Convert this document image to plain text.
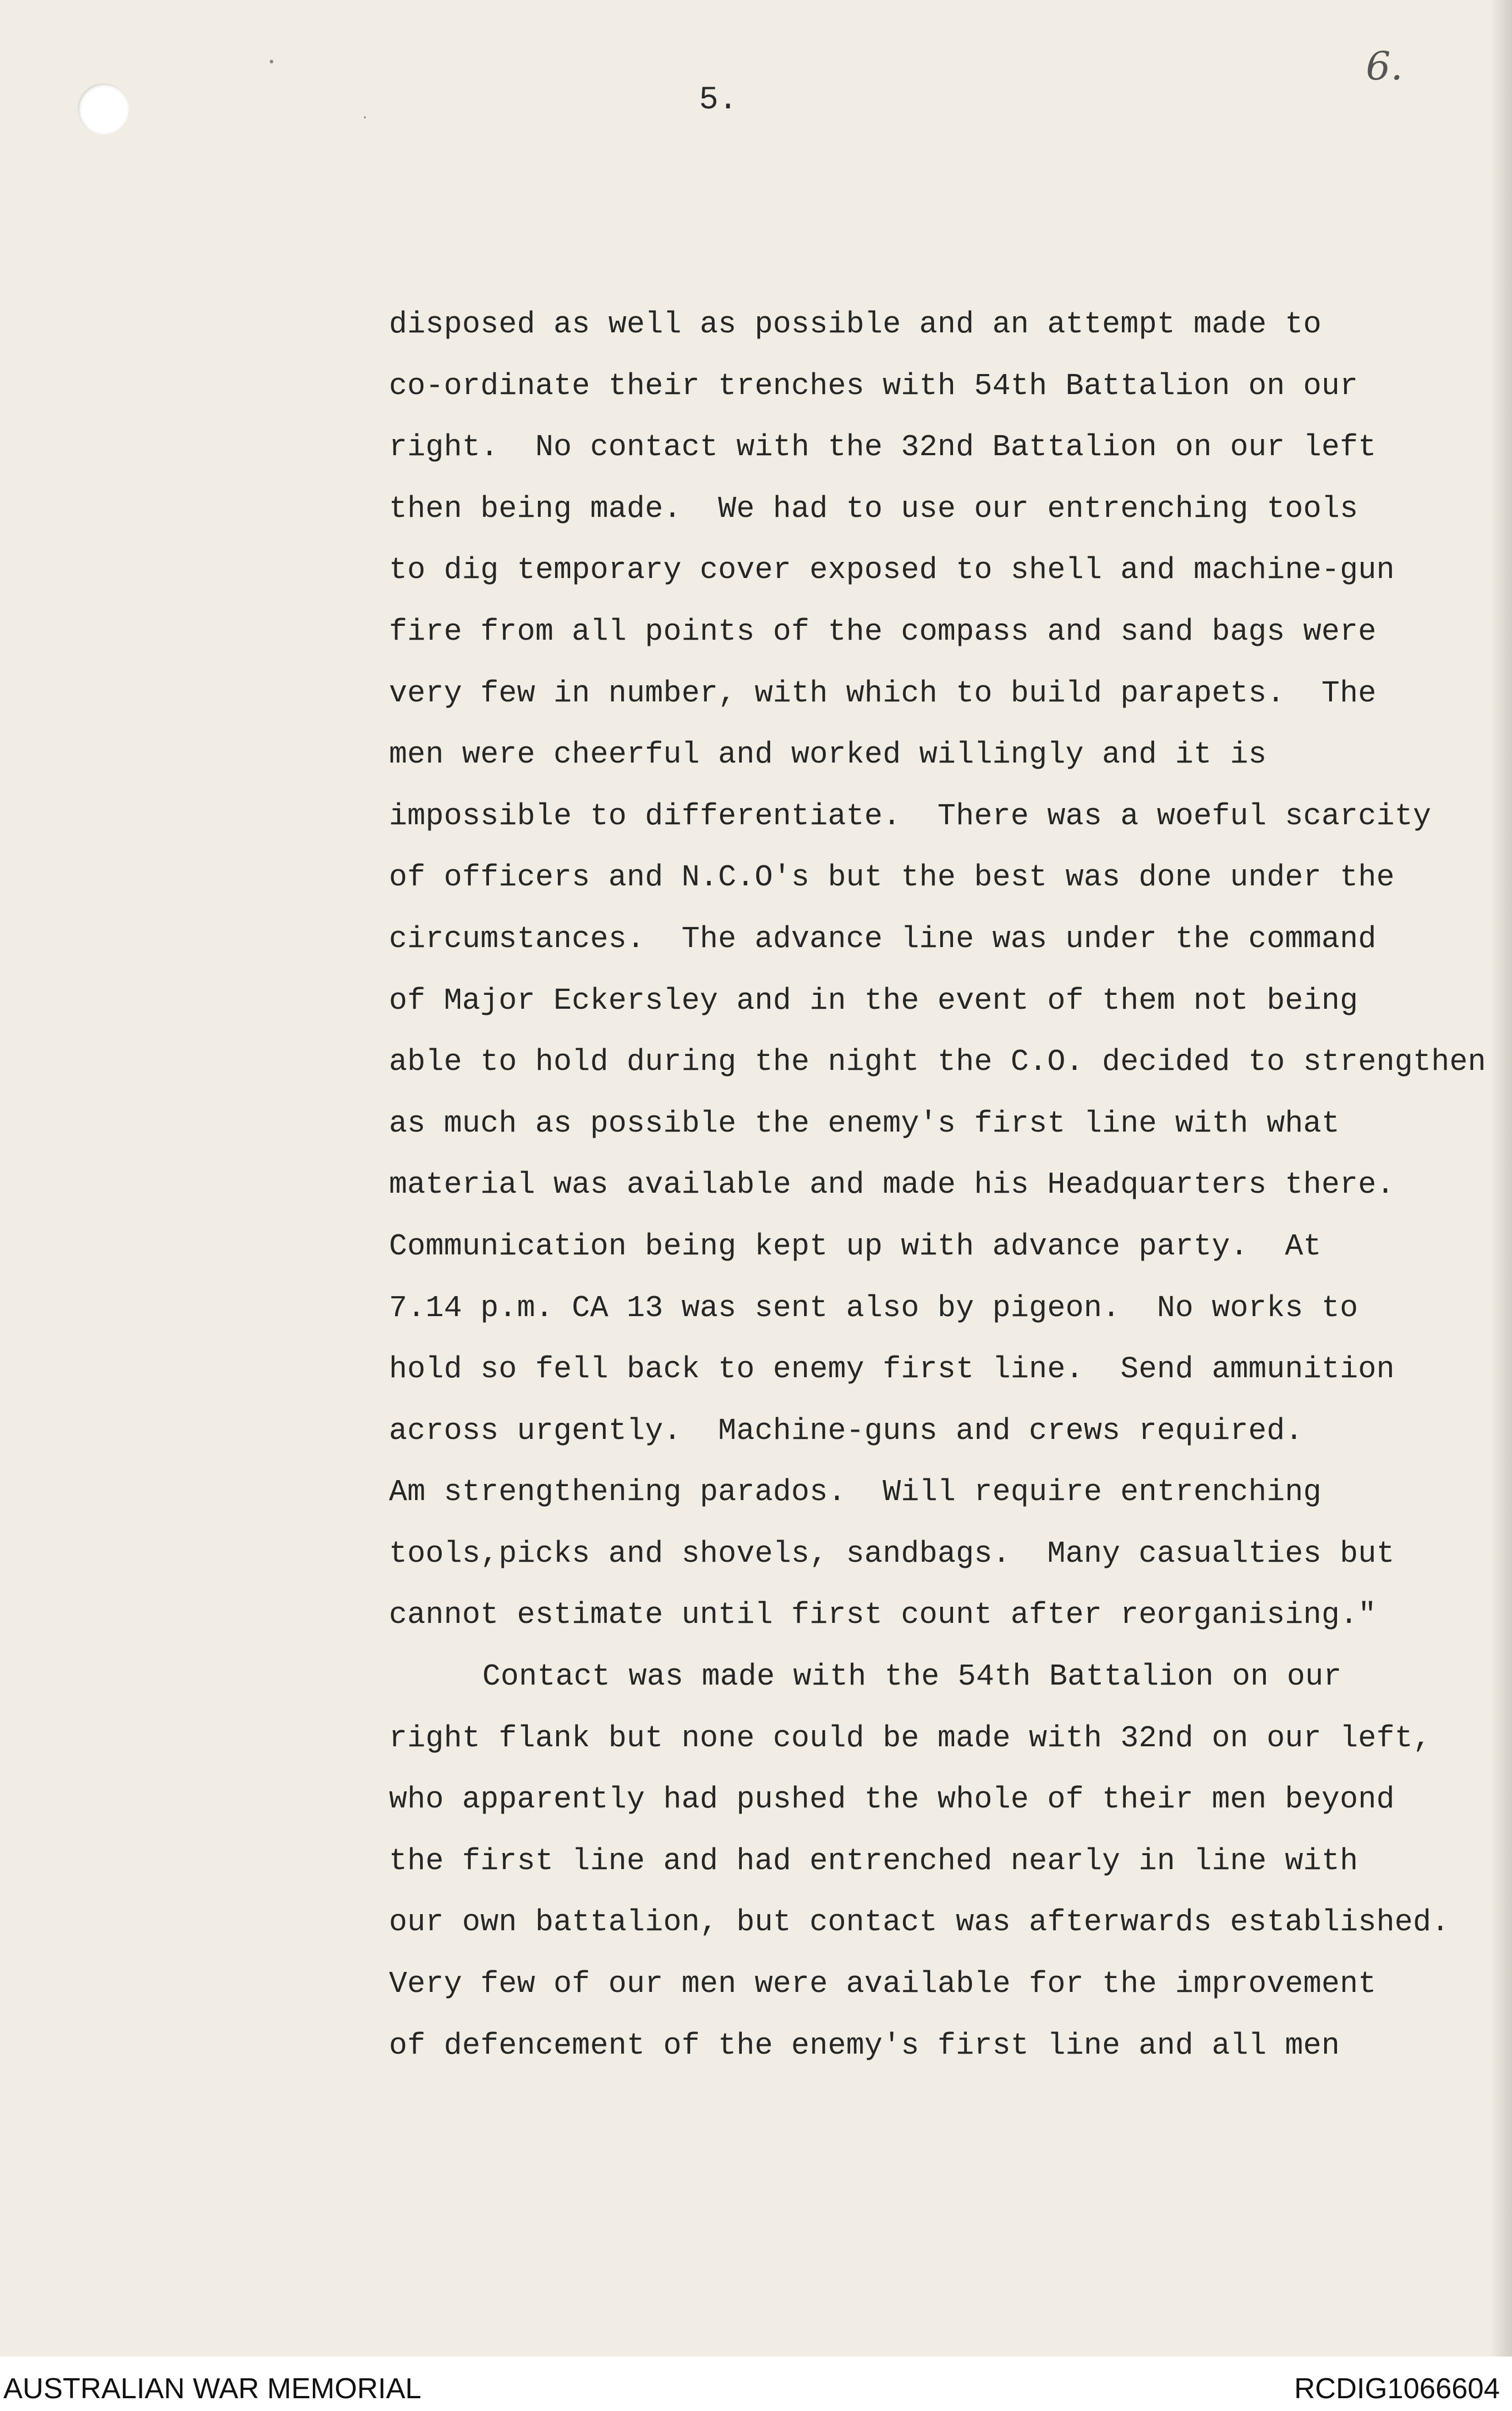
•
·	5.
6.
disposed as well as possible and an attempt made to
co-ordinate their trenches with 54th Battalion on our
right.  No contact with the 32nd Battalion on our left
then being made.  We had to use our entrenching tools
to dig temporary cover exposed to shell and machine-gun
fire from all points of the compass and sand bags were
very few in number, with which to build parapets.  The
men were cheerful and worked willingly and it is
impossible to differentiate.  There was a woeful scarcity
of officers and N.C.O's but the best was done under the
circumstances.  The advance line was under the command
of Major Eckersley and in the event of them not being
able to hold during the night the C.O. decided to strengthen
as much as possible the enemy's first line with what
material was available and made his Headquarters there.
Communication being kept up with advance party.  At
7.14 p.m. CA 13 was sent also by pigeon.  No works to
hold so fell back to enemy first line.  Send ammunition
across urgently.  Machine-guns and crews required.
Am strengthening parados.  Will require entrenching
tools,picks and shovels, sandbags.  Many casualties but
cannot estimate until first count after reorganising."
Contact was made with the 54th Battalion on our
right flank but none could be made with 32nd on our left,
who apparently had pushed the whole of their men beyond
the first line and had entrenched nearly in line with
our own battalion, but contact was afterwards established.
Very few of our men were available for the improvement
of defencement of the enemy's first line and all men
AUSTRALIAN WAR MEMORIAL	RCDIG1066604
